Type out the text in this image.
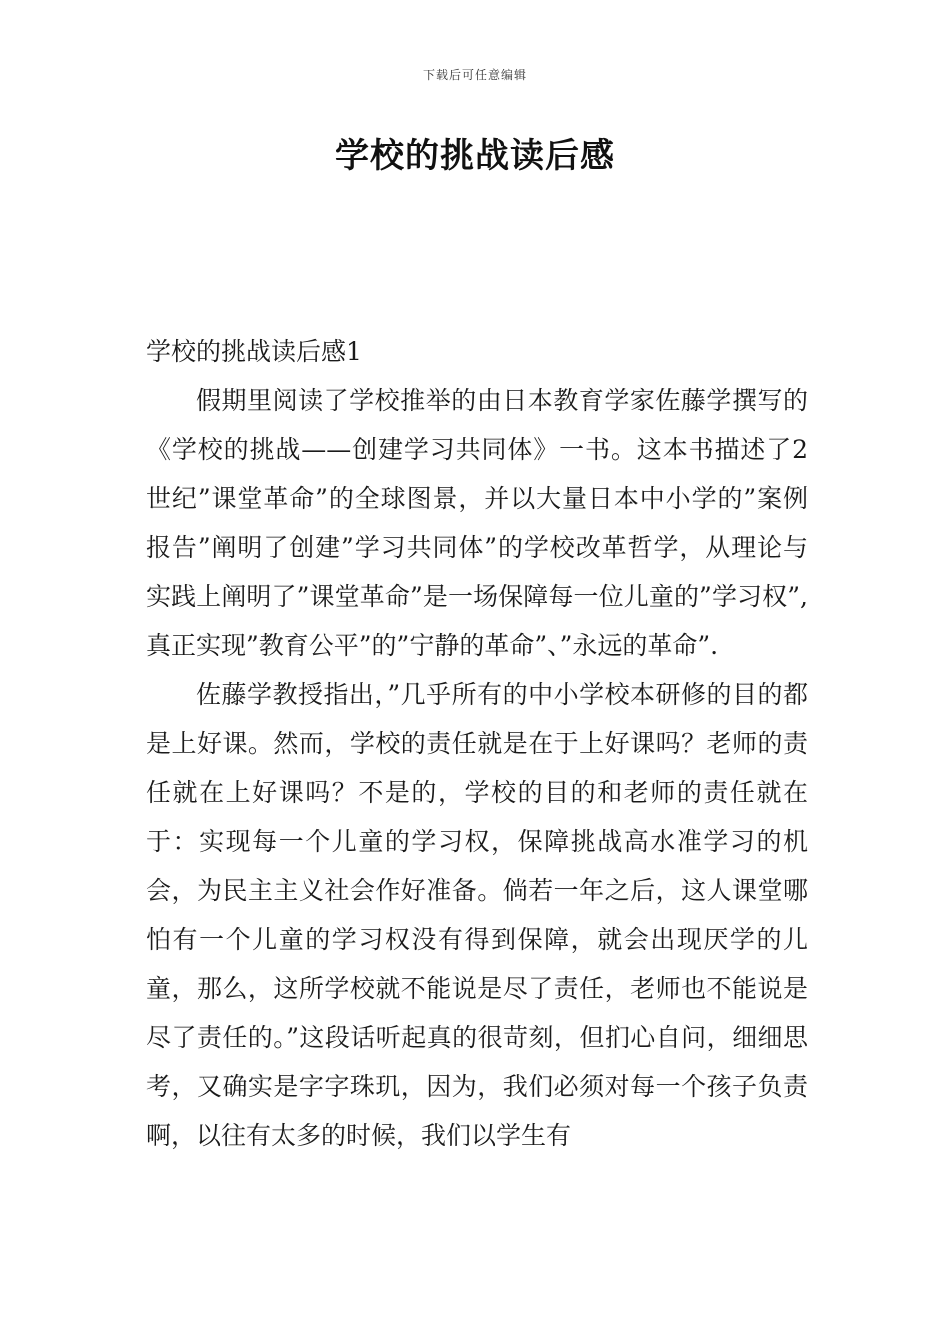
下载后可任意编辑
学校的挑战读后感

学校的挑战读后感1

假期里阅读了学校推举的由日本教育学家佐藤学撰写的《学校的挑战——创建学习共同体》一书。这本书描述了2 世纪”课堂革命”的全球图景，并以大量日本中小学的”案例报告”阐明了创建”学习共同体”的学校改革哲学，从理论与实践上阐明了”课堂革命”是一场保障每一位儿童的”学习权”,真正实现”教育公平”的”宁静的革命”、”永远的革命”.

佐藤学教授指出，”几乎所有的中小学校本研修的目的都是上好课。然而，学校的责任就是在于上好课吗？老师的责任就在上好课吗？不是的，学校的目的和老师的责任就在于：实现每一个儿童的学习权，保障挑战高水准学习的机会，为民主主义社会作好准备。倘若一年之后，这人课堂哪怕有一个儿童的学习权没有得到保障，就会出现厌学的儿童，那么，这所学校就不能说是尽了责任，老师也不能说是尽了责任的。”这段话听起真的很苛刻，但扪心自问，细细思考，又确实是字字珠玑，因为，我们必须对每一个孩子负责啊，以往有太多的时候，我们以学生有
